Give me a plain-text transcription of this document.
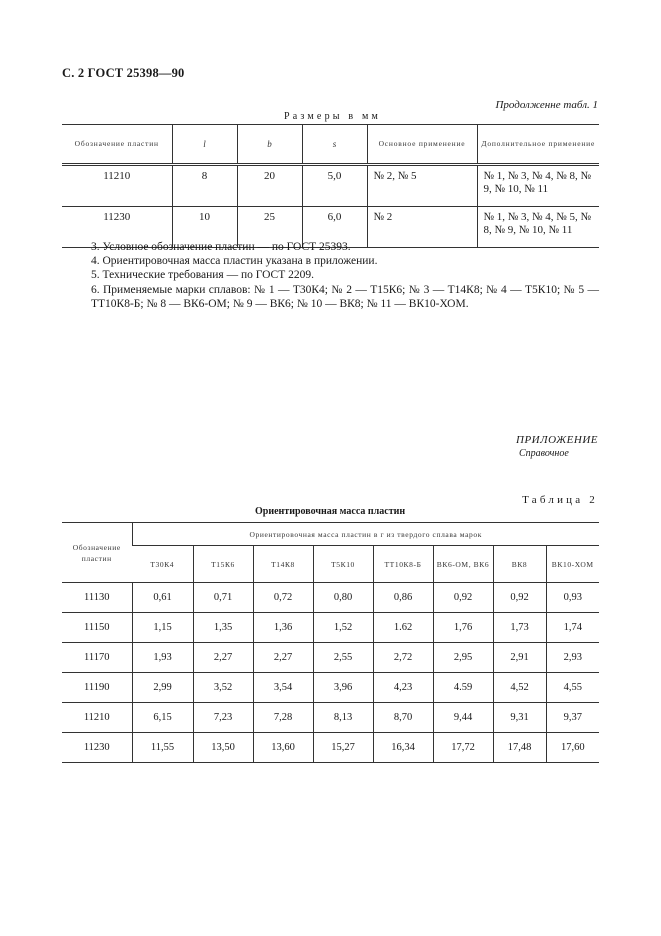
С. 2 ГОСТ 25398—90
Продолженне табл. 1
Размеры в мм
Обозначение пластин	l	b	s	Основное применение	Дополнительное применение
11210	8	20	5,0	№ 2, № 5	№ 1, № 3, № 4, № 8, № 9, № 10, № 11
11230	10	25	6,0	№ 2	№ 1, № 3, № 4, № 5, № 8, № 9, № 10, № 11

3. Условное обозначение пластин — по ГОСТ 25393.

4. Ориентировочная масса пластин указана в приложении.

5. Технические требования — по ГОСТ 2209.

6. Применяемые марки сплавов: № 1 — Т30К4; № 2 — Т15К6; № 3 — Т14К8; № 4 — Т5К10; № 5 — ТТ10К8-Б; № 8 — ВК6-ОМ; № 9 — ВК6; № 10 — ВК8; № 11 — ВК10-ХОМ.

ПРИЛОЖЕНИЕ
Справочное
Таблица 2
Ориентировочная масса пластин
Обозначение пластин	Ориентировочная масса пластин в г из твердого сплава марок							
	Т30К4	Т15К6	Т14К8	Т5К10	ТТ10К8-Б	ВК6-ОМ, ВК6	ВК8	ВК10-ХОМ
11130	0,61	0,71	0,72	0,80	0,86	0,92	0,92	0,93
11150	1,15	1,35	1,36	1,52	1.62	1,76	1,73	1,74
11170	1,93	2,27	2,27	2,55	2,72	2,95	2,91	2,93
11190	2,99	3,52	3,54	3,96	4,23	4.59	4,52	4,55
11210	6,15	7,23	7,28	8,13	8,70	9,44	9,31	9,37
11230	11,55	13,50	13,60	15,27	16,34	17,72	17,48	17,60
